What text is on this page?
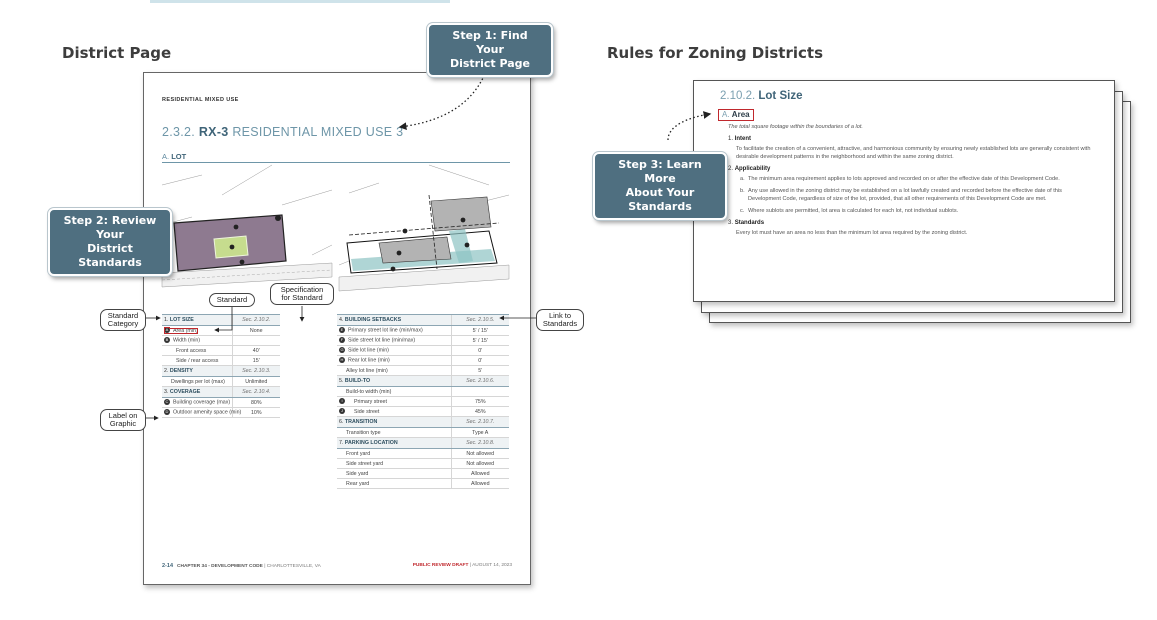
District Page	Rules for Zoning Districts
2.10.2. Lot Size
A. Area
The total square footage within the boundaries of a lot.
1. Intent
To facilitate the creation of a convenient, attractive, and harmonious community by ensuring newly established lots are generally consistent with desirable development patterns in the neighborhood and within the same zoning district.
2. Applicability
a. The minimum area requirement applies to lots approved and recorded on or after the effective date of this Development Code.
b. Any use allowed in the zoning district may be established on a lot lawfully created and recorded before the effective date of this Development Code, regardless of size of the lot, provided, that all other requirements of this Development Code are met.
c. Where sublots are permitted, lot area is calculated for each lot, not individual sublots.
3. Standards
Every lot must have an area no less than the minimum lot area required by the zoning district.
RESIDENTIAL MIXED USE
2.3.2. RX-3 RESIDENTIAL MIXED USE 3
A. LOT
1. LOT SIZE	Sec. 2.10.2.
A Area (min)	None
B Width (min)	
Front access	40'
Side / rear access	15'
2. DENSITY	Sec. 2.10.3.
Dwellings per lot (max)	Unlimited
3. COVERAGE	Sec. 2.10.4.
C Building coverage (max)	80%
D Outdoor amenity space (min)	10%
4. BUILDING SETBACKS	Sec. 2.10.5.
E Primary street lot line (min/max)	5' / 15'
F Side street lot line (min/max)	5' / 15'
G Side lot line (min)	0'
H Rear lot line (min)	0'
Alley lot line (min)	5'
5. BUILD-TO	Sec. 2.10.6.
Build-to width (min)	
I Primary street	75%
J Side street	45%
6. TRANSITION	Sec. 2.10.7.
Transition type	Type A
7. PARKING LOCATION	Sec. 2.10.8.
Front yard	Not allowed
Side street yard	Not allowed
Side yard	Allowed
Rear yard	Allowed
2-14 CHAPTER 34 - DEVELOPMENT CODE | CHARLOTTESVILLE, VA	PUBLIC REVIEW DRAFT | AUGUST 14, 2023
Step 1: Find Your
District Page
Step 2: Review Your
District Standards
Step 3: Learn More
About Your Standards
Standard
Specification
for Standard
Standard
Category
Label on
Graphic
Link to
Standards
